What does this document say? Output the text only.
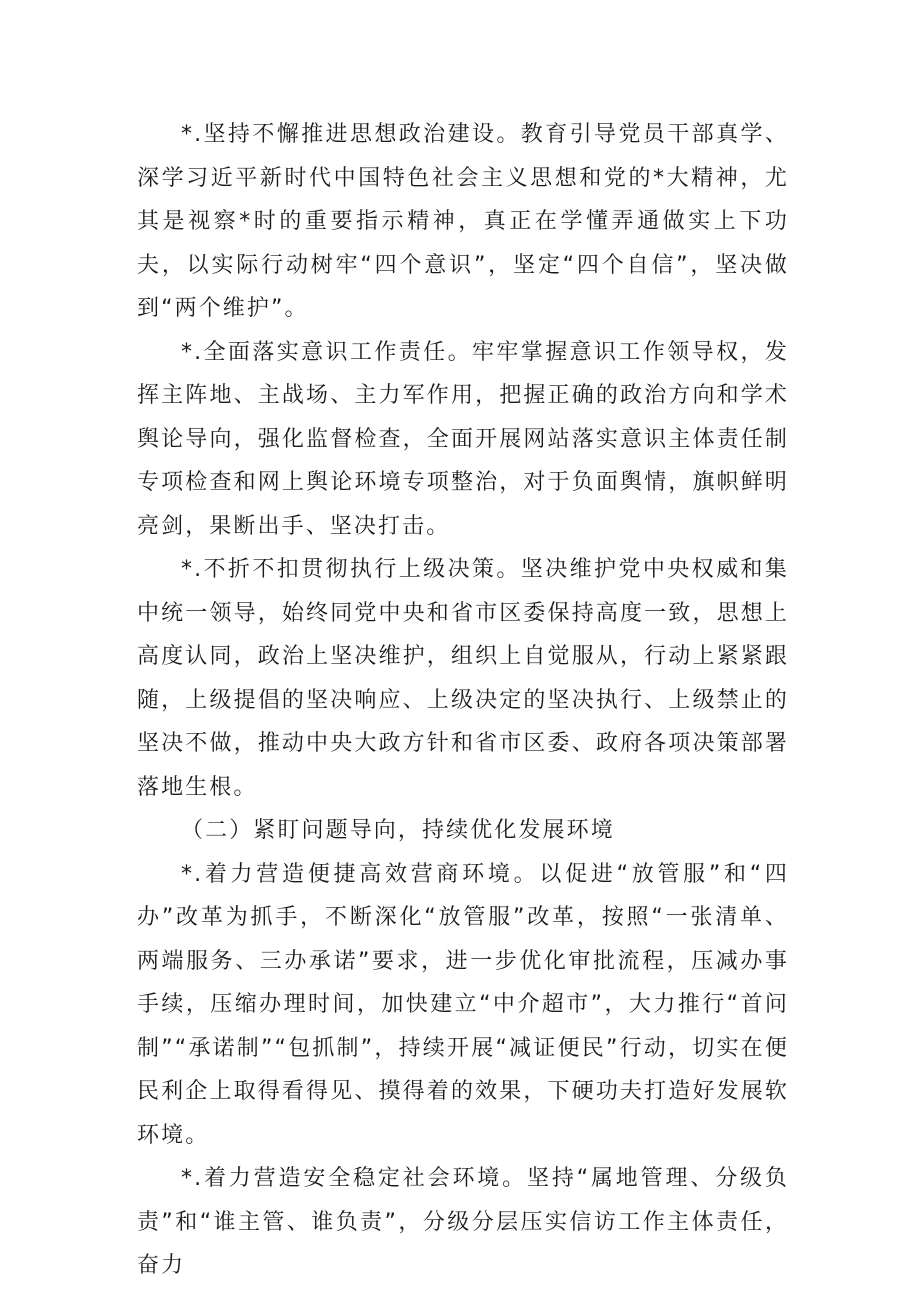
*.坚持不懈推进思想政治建设。教育引导党员干部真学、深学习近平新时代中国特色社会主义思想和党的*大精神，尤其是视察*时的重要指示精神，真正在学懂弄通做实上下功夫，以实际行动树牢“四个意识”，坚定“四个自信”，坚决做到“两个维护”。

*.全面落实意识工作责任。牢牢掌握意识工作领导权，发挥主阵地、主战场、主力军作用，把握正确的政治方向和学术舆论导向，强化监督检查，全面开展网站落实意识主体责任制专项检查和网上舆论环境专项整治，对于负面舆情，旗帜鲜明亮剑，果断出手、坚决打击。

*.不折不扣贯彻执行上级决策。坚决维护党中央权威和集中统一领导，始终同党中央和省市区委保持高度一致，思想上高度认同，政治上坚决维护，组织上自觉服从，行动上紧紧跟随，上级提倡的坚决响应、上级决定的坚决执行、上级禁止的坚决不做，推动中央大政方针和省市区委、政府各项决策部署落地生根。

（二）紧盯问题导向，持续优化发展环境

*.着力营造便捷高效营商环境。以促进“放管服”和“四办”改革为抓手，不断深化“放管服”改革，按照“一张清单、两端服务、三办承诺”要求，进一步优化审批流程，压减办事手续，压缩办理时间，加快建立“中介超市”，大力推行“首问制”“承诺制”“包抓制”，持续开展“减证便民”行动，切实在便民利企上取得看得见、摸得着的效果，下硬功夫打造好发展软环境。

*.着力营造安全稳定社会环境。坚持“属地管理、分级负责”和“谁主管、谁负责”，分级分层压实信访工作主体责任，奋力
